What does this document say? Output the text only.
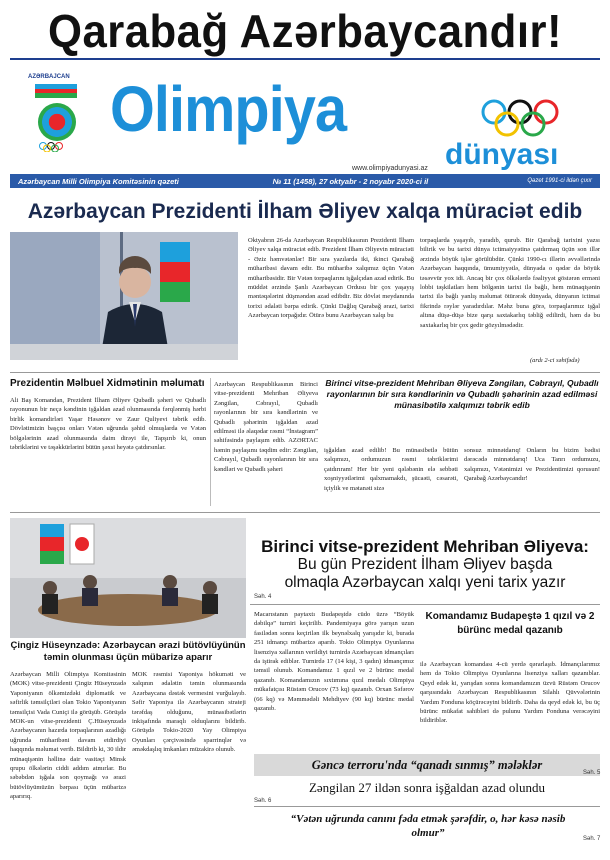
Qarabağ Azərbaycandır!
AZƏRBAJCAN Olimpiya
dünyası
www.olimpiyadunyasi.az
Azərbaycan Milli Olimpiya Komitəsinin qəzeti	№ 11 (1458), 27 oktyabr - 2 noyabr 2020-ci il	Qəzet 1991-ci ildən çıxır
Azərbaycan Prezidenti İlham Əliyev xalqa müraciət edib
Oktyabrın 26-da Azərbaycan Respublikasının Prezidenti İlham Əliyev xalqa müraciət edib. Prezident İlham Əliyevin müraciəti - Əziz həmvətənlər! Bir sıra yazılarda iki, ikinci Qarabağ müharibəsi davam edir. Bu müharibə xalqımız üçün Vətən müharibəsidir. Bir Vətən torpaqlarını işğalçıdan azad edirik. Bu müddət ərzində Şanlı Azərbaycan Ordusu bir çox yaşayış məntəqələrini düşməndən azad edibdir. Biz dövlət meydanında torixi ədaləti bərpa edirik. Çünki Dağlıq Qarabağ ərazi, tarixi Azərbaycan torpağıdır. Ötürə bunu Azərbaycan xalqı bu
torpaqlarda yaşayıb, yaradıb, qurub. Bir Qarabağ tarixini yazsı bilirik ve bu tarixi dünya ictimaiyyətinə çatdırmaq üçün son illər ərzində böyük işlər görülübdür. Çünki 1990-cı illərin əvvəllərində Azərbaycan haqqında, ümumiyyətlə, dünyada o qədər də böyük təsəvvür yox idi. Ancaq bir çox ölkələrdə fəaliyyət göstərən erməni lobbi təşkilatları hem bölgənin tarixi ilə bağlı, hem münaqişənin tarixi ilə bağlı yanlış məlumat ötürərək dünyada, dünyanın ictimai fikrində rəylər yaradırdılar. Məhz buna görə, torpaqlarımız işğal altına düşə-düşə bize qarşı saxtakarlıq təbliğ edilirdi, həm də bu saxtakarlıq bir çox gedir gözyılmədədir.
(ardı 2-ci səhifədə)
Prezidentin Məlbuel Xidmətinin məlumatı
Ali Baş Komandan, Prezident İlham Əliyev Qubadlı şəheri ve Qubadlı rayonunun bir neçə kəndinin işğaldan azad olunmasında fərqlənmiş hərbi birlik komandirləri Yaşar Həsənov ve Zaur Quliyevi təbrik edib. Dövlətimizin başçısı onları Vətən uğrunda şəhid olmuşlarda ve Vətən bölgələrinin azad olunmasında daim dirəyi ile, Tapşırıb ki, onun təbriklərini ve təşəkkürlərini bütün şəxsi heyətə çatdırsınlar.
Azərbaycan Respublikasının Birinci vitse-prezidenti Mehriban Əliyeva Zəngilan, Cəbrayıl, Qubadlı rayonlarının bir sıra kəndlərinin ve Qubadlı şəhərinin işğaldan azad edilməsi ilə əlaqədar rəsmi “İnstagram” səhifəsində paylaşım edib. AZƏRTAC həmin paylaşımı təqdim edir: Zəngilan, Cəbrayıl, Qubadlı rayonlarının bir sıra kəndləri ve Qubadlı şəheri
Birinci vitse-prezident Mehriban Əliyeva Zəngilan, Cəbrayıl, Qubadlı rayonlarının bir sıra kəndlərinin və Qubadlı şəhərinin azad edilməsi münasibətilə xalqımızı təbrik edib
işğaldan azad edilib! Bu münasibetlə bütün xalqımızı, ordumuzun rəsmi təbriklərimi çatdırıram! Her bir yeni qələbənin elə sebbəti xoşniyyətlərimi qalxmamakdı, şücaəti, cəsarəti, içiylik ve mətanəti sizə
sonsuz minnətdarıq! Onların bu bizim bədisi dərəcədə minnətdarıq! Uca Tanrı ordumuzu, xalqımızı, Vətənimizi ve Prezidentimizi qorusun! Qarabağ Azərbaycandır!
Birinci vitse-prezident Mehriban Əliyeva:
Bu gün Prezident İlham Əliyev başda
olmaqla Azərbaycan xalqı yeni tarix yazır
Səh. 4
Çingiz Hüseynzadə: Azərbaycan ərazi bütövlüyünün təmin olunması üçün mübarizə aparır
Azərbaycan Milli Olimpiya Komitəsinin (MOK) vitse-prezidenti Çingiz Hüseynzadə Yaponiyanın ölkəmizdəki diplomatik ve səfirlik təmsilçiləri olan Tokio Yaponiyanın təmsilçisi Vada Cuniçi ilə görüşüb. Görüşdə MOK-un vitse-prezidenti Ç.Hüseynzadə Azərbaycanın hazırda torpaqlarının azadlığı uğrunda müharibəni davam etdirdiyi haqqında məlumat verib. Bildirib ki, 30 ildir münaqişənin həllinə dair vasitəçi Minsk qrupu ölkələrin ciddi addım atmırlar. Bu səbəbdən işğala son qoymağı və ərazi bütövlüyümüzün bərpası üçün mübarizə aparırıq.
MOK rəsmisi Yaponiya hökuməti ve xalqının ədalətin təmin olunmasında Azərbaycana dəstək vermesini vurğulayıb. Səfir Yaponiya ilə Azərbaycanın strateji tərəfdaş olduğunu, münasibətlərin inkişafında maraqlı olduqlarını bildirib. Görüşdə Tokio-2020 Yay Olimpiya Oyunları çərçivəsində sparrinqlər və əməkdaşlıq imkanları müzakirə olunub.
Macarıstanın paytaxtı Budapeştdə cüdo üzrə “Böyük dəbilqə” turniri keçirilib. Pandemiyaya görə yarışın uzun fasilədən sonra keçirilən ilk beynəlxalq yarışıdır ki, burada 251 idmançı mübarizə aparıb. Tokio Olimpiya Oyunlarına lisenziya xallarının verildiyi turnirdə Azərbaycan idmançıları da iştirak ediblər. Turnirdə 17 (14 kişi, 3 qadın) idmançımız təmsil olunub. Komandamız 1 qızıl ve 2 bürünc medal qazanıb. Komandamızın sıxtımına qızıl medalı Olimpiya mükafatçısı Rüstəm Orucov (73 kq) qazanıb. Orxan Səfərov (66 kq) və Məmmədəli Mehdiyev (90 kq) bürünc medal qazanıb.
Komandamız Budapeştə 1 qızıl və 2 bürünc medal qazanıb
ilə Azərbaycan komandası 4-cü yerdə qərarlaşıb. İdmançılarımız hem də Tokio Olimpiya Oyunlarına lisenziya xalları qazanıblar. Qeyd edək ki, yarışdan sonra komandamızın üzvü Rüstəm Orucov qarşısındakı Azərbaycan Respublikasının Silahlı Qüvvələrinin Yardım Fonduna köçürəcəyini bildirib. Daha da qeyd edək ki, bu üç bürünc mükafat sahibləri də pulunu Yardım Fonduna verəcəyini bildiriblər.
Gəncə terroru'nda “qanadı sınmış” mələklər
Səh. 5
Zəngilan 27 ildən sonra işğaldan azad olundu
Səh. 6
“Vətən uğrunda canını fəda etmək şərəfdir, o, hər kəsə nəsib olmur”	Səh. 7
